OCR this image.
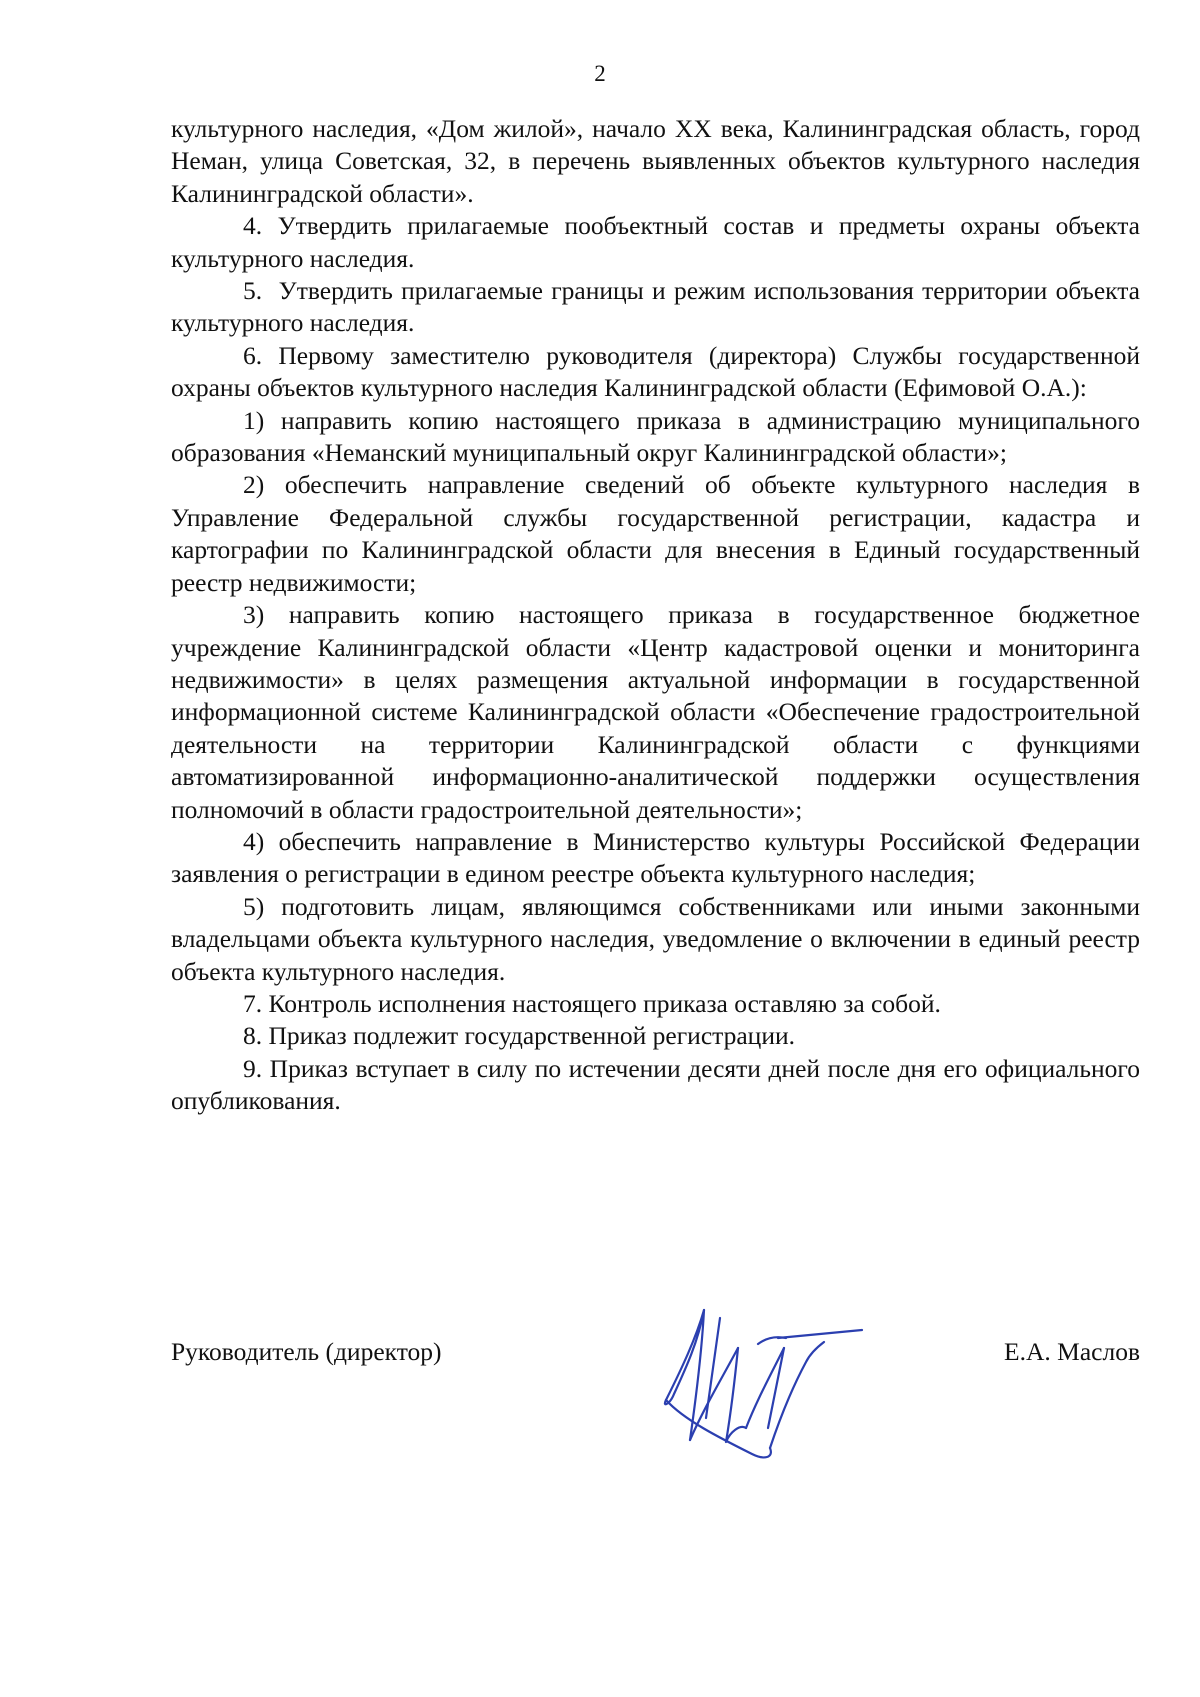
2

культурного наследия, «Дом жилой», начало XX века, Калининградская область, город Неман, улица Советская, 32, в перечень выявленных объектов культурного наследия Калининградской области».

4. Утвердить прилагаемые пообъектный состав и предметы охраны объекта культурного наследия.

5.  Утвердить прилагаемые границы и режим использования территории объекта культурного наследия.

6. Первому заместителю руководителя (директора) Службы государственной охраны объектов культурного наследия Калининградской области (Ефимовой О.А.):

1) направить копию настоящего приказа в администрацию муниципального образования «Неманский муниципальный округ Калининградской области»;

2) обеспечить направление сведений об объекте культурного наследия в Управление Федеральной службы государственной регистрации, кадастра и картографии по Калининградской области для внесения в Единый государственный реестр недвижимости;

3) направить копию настоящего приказа в государственное бюджетное учреждение Калининградской области «Центр кадастровой оценки и мониторинга недвижимости» в целях размещения актуальной информации в государственной информационной системе Калининградской области «Обеспечение градостроительной деятельности на территории Калининградской области с функциями автоматизированной информационно-аналитической поддержки осуществления полномочий в области градостроительной деятельности»;

4) обеспечить направление в Министерство культуры Российской Федерации заявления о регистрации в едином реестре объекта культурного наследия;

5) подготовить лицам, являющимся собственниками или иными законными владельцами объекта культурного наследия, уведомление о включении в единый реестр объекта культурного наследия.

7. Контроль исполнения настоящего приказа оставляю за собой.

8. Приказ подлежит государственной регистрации.

9. Приказ вступает в силу по истечении десяти дней после дня его официального опубликования.

Руководитель (директор)	Е.А. Маслов
